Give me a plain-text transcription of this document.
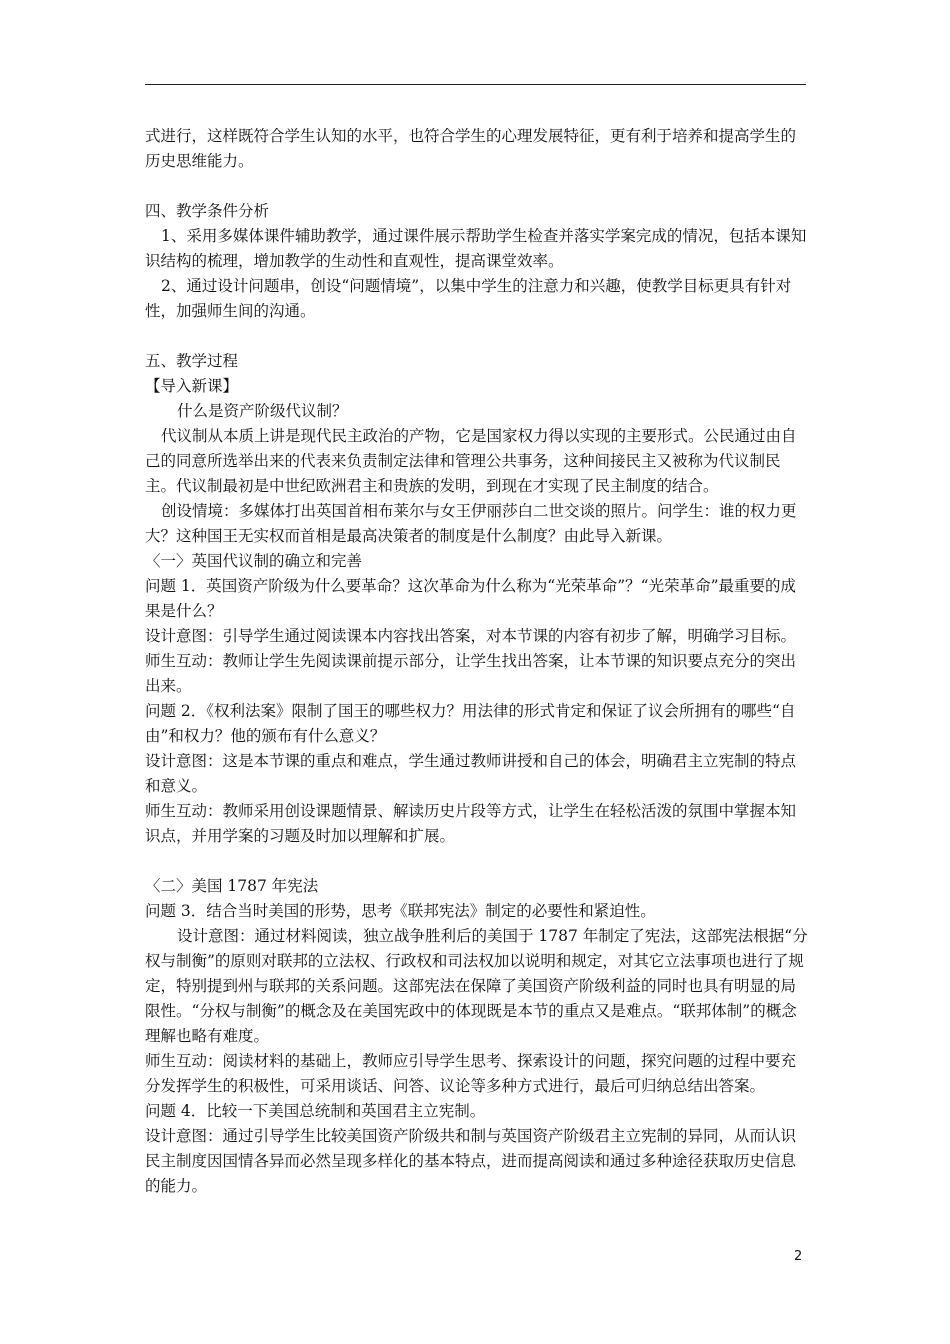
式进行，这样既符合学生认知的水平，也符合学生的心理发展特征，更有利于培养和提高学生的历史思维能力。
四、教学条件分析
1、采用多媒体课件辅助教学，通过课件展示帮助学生检查并落实学案完成的情况，包括本课知识结构的梳理，增加教学的生动性和直观性，提高课堂效率。
2、通过设计问题串，创设“问题情境”，以集中学生的注意力和兴趣，使教学目标更具有针对性，加强师生间的沟通。
五、教学过程
【导入新课】
什么是资产阶级代议制？
代议制从本质上讲是现代民主政治的产物，它是国家权力得以实现的主要形式。公民通过由自己的同意所选举出来的代表来负责制定法律和管理公共事务，这种间接民主又被称为代议制民主。代议制最初是中世纪欧洲君主和贵族的发明，到现在才实现了民主制度的结合。
创设情境：多媒体打出英国首相布莱尔与女王伊丽莎白二世交谈的照片。问学生：谁的权力更大？这种国王无实权而首相是最高决策者的制度是什么制度？由此导入新课。
〈一〉英国代议制的确立和完善
问题 1．英国资产阶级为什么要革命？这次革命为什么称为“光荣革命”？“光荣革命”最重要的成果是什么？
设计意图：引导学生通过阅读课本内容找出答案，对本节课的内容有初步了解，明确学习目标。
师生互动：教师让学生先阅读课前提示部分，让学生找出答案，让本节课的知识要点充分的突出出来。
问题 2．《权利法案》限制了国王的哪些权力？用法律的形式肯定和保证了议会所拥有的哪些“自由”和权力？他的颁布有什么意义？
设计意图：这是本节课的重点和难点，学生通过教师讲授和自己的体会，明确君主立宪制的特点和意义。
师生互动：教师采用创设课题情景、解读历史片段等方式，让学生在轻松活泼的氛围中掌握本知识点，并用学案的习题及时加以理解和扩展。
〈二〉美国 1787 年宪法
问题 3．结合当时美国的形势，思考《联邦宪法》制定的必要性和紧迫性。
设计意图：通过材料阅读，独立战争胜利后的美国于 1787 年制定了宪法，这部宪法根据“分权与制衡”的原则对联邦的立法权、行政权和司法权加以说明和规定，对其它立法事项也进行了规定，特别提到州与联邦的关系问题。这部宪法在保障了美国资产阶级利益的同时也具有明显的局限性。“分权与制衡”的概念及在美国宪政中的体现既是本节的重点又是难点。“联邦体制”的概念理解也略有难度。
师生互动：阅读材料的基础上，教师应引导学生思考、探索设计的问题，探究问题的过程中要充分发挥学生的积极性，可采用谈话、问答、议论等多种方式进行，最后可归纳总结出答案。
问题 4．比较一下美国总统制和英国君主立宪制。
设计意图：通过引导学生比较美国资产阶级共和制与英国资产阶级君主立宪制的异同，从而认识民主制度因国情各异而必然呈现多样化的基本特点，进而提高阅读和通过多种途径获取历史信息的能力。
2
